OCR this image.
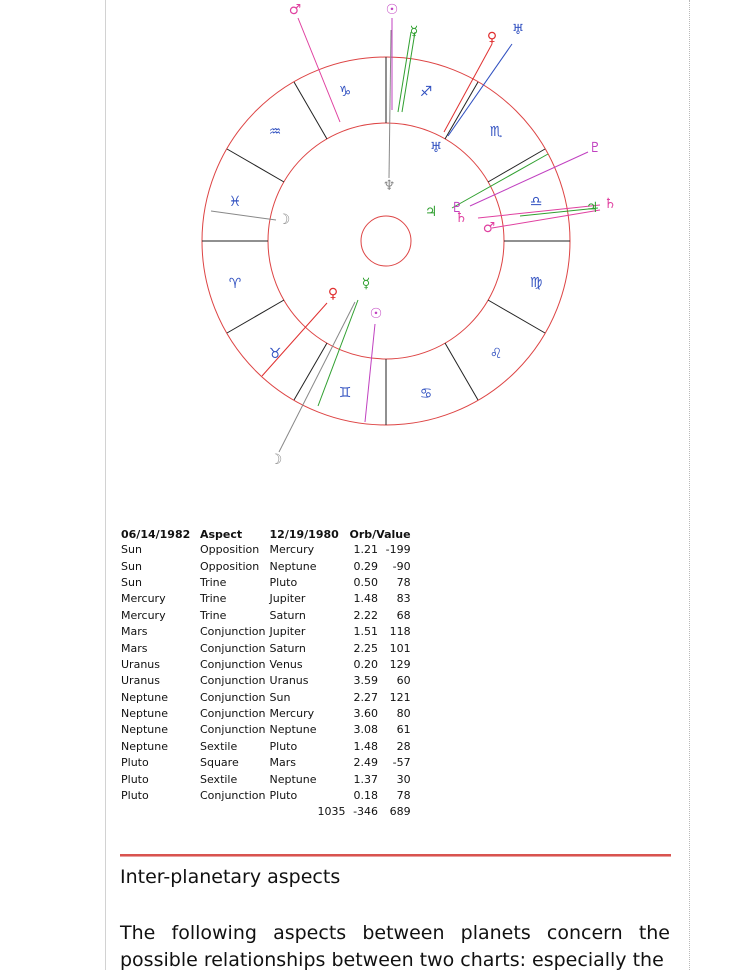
♑	♐
♏
♎
♍
♌
♋
♊
♉
♈
♓
♒
♂	☉
☿	♀ ♅
♇
♄
♃
♅
♆
♇
♄
♃
♂
☽
♀
☿
☉
☽
06/14/1982	Aspect	12/19/1980	Orb/Value	
Sun	Opposition	Mercury	1.21	-199
Sun	Opposition	Neptune	0.29	-90
Sun	Trine	Pluto	0.50	78
Mercury	Trine	Jupiter	1.48	83
Mercury	Trine	Saturn	2.22	68
Mars	Conjunction	Jupiter	1.51	118
Mars	Conjunction	Saturn	2.25	101
Uranus	Conjunction	Venus	0.20	129
Uranus	Conjunction	Uranus	3.59	60
Neptune	Conjunction	Sun	2.27	121
Neptune	Conjunction	Mercury	3.60	80
Neptune	Conjunction	Neptune	3.08	61
Neptune	Sextile	Pluto	1.48	28
Pluto	Square	Mars	2.49	-57
Pluto	Sextile	Neptune	1.37	30
Pluto	Conjunction	Pluto	0.18	78
		1035	-346	689
Inter-planetary aspects

The following aspects between planets concern the possible relationships between two charts: especially the
